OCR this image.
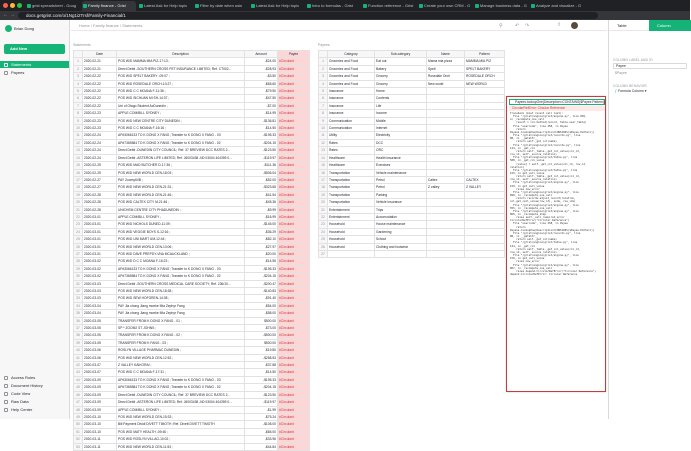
grist spreadsheet - Goog	Family finance - Grist	Latest Ask for Help topic	Filter by date when usin	Latest Ask for Help topic	Intro to formulas - Grist	Function reference - Grist	Create your own CRM - G	Manage business data - G	Analyze and visualize - G
← →	docs.getgrist.com/o/1Ng1i2Trsf/Family-Financial/1
Brian Dong
Add New
Statements
Payees
Access Rules
Document History
Code View
Raw Data
Help Center
Home / Family finance / Statements	⚲ ↶ ↷	⇧
Statements
	Date	Description	Amount	Payee
1	2020-02-21	POS W/D MAMMA MIA PIZ-17:13 ;	-$24.00	#Circular#
2	2020-02-21	Direct Debit -SOUTHERN CROSS PET INSURANCE LIMITED; Ref. CT002...	-$28.93	#Circular#
3	2020-02-22	POS W/D SPELT BAKERY -09:07 ;	-$3.50	#Circular#
4	2020-02-22	POS W/D ROSEDALE ORCH-10:27 ;	-$65.60	#Circular#
5	2020-02-22	POS W/D C C MOANA F-11:36 ;	-$79.50	#Circular#
6	2020-02-22	POS W/D SICHUAN MI SH-14:37 ;	-$47.50	#Circular#
7	2020-02-22	Uni of Otago Student AcDunedin ;	-$7.00	#Circular#
8	2020-02-23	APPLE.COM/BILL SYDNEY ;	-$14.99	#Circular#
9	2020-02-23	POS W/D NEW CENTRE CITY DUNEDIN ;	-$136.81	#Circular#
10	2020-02-23	POS W/D C C MOANA F-16:16 ;	-$14.50	#Circular#
11	2020-02-24	AP#3066133 TO K DONG X FANG ;Transfer to K DONG X FANG - 03	-$195.33	#Circular#
12	2020-02-24	AP#7365584 TO K DONG X FANG ;Transfer to K DONG X FANG - 02	-$204.15	#Circular#
13	2020-02-24	Direct Debit -DUNEDIN CITY COUNCIL; Ref. 37 BREVIEW DCC RATES 2...	-$123.50	#Circular#
14	2020-02-24	Direct Debit -ASTERON LIFE LIMITED; Ref. J6003438 J40 03004 404359 0...	-$119.97	#Circular#
15	2020-02-25	POS W/D MAD BUTCHER D-17:36 ;	-$111.36	#Circular#
16	2020-02-25	POS W/D NEW WORLD CEN-18:03 ;	-$506.04	#Circular#
17	2020-02-27	PAY ZoomyKilB ;	-$52.00	#Circular#
18	2020-02-27	POS W/D NEW WORLD CEN-21:31 ;	-$323.65	#Circular#
19	2020-02-28	POS W/D NEW WORLD CEN-21:46 ;	-$41.54	#Circular#
20	2020-02-28	POS W/D CALTEX CITY M-21:46 ;	-$45.36	#Circular#
21	2020-02-28	UNICHEM CENTRE CITY PHADUNEDIN ;	-$9.99	#Circular#
22	2020-03-01	APPLE.COM/BILL SYDNEY ;	-$16.99	#Circular#
23	2020-03-01	POS W/D NICHOLS DUNED-11:39 ;	-$145.00	#Circular#
24	2020-03-01	POS W/D VEGGIE BOYS S-12:16 ;	-$36.29	#Circular#
25	2020-03-01	POS W/D UNI MART UM-12:44 ;	-$82.10	#Circular#
26	2020-03-01	POS W/D NEW WORLD CEN-13:06 ;	-$27.97	#Circular#
27	2020-03-01	POS W/D DAVE PREPDY-VNA MCAUCKLAND ;	-$20.00	#Circular#
28	2020-03-02	POS W/D D C C MOANA F-16:23 ;	-$14.55	#Circular#
29	2020-03-02	AP#3066133 TO K DONG X FANG ;Transfer to K DONG X FANG - 03	-$195.33	#Circular#
30	2020-03-02	AP#7365584 TO K DONG X FANG ;Transfer to K DONG X FANG - 02	-$204.15	#Circular#
31	2020-03-03	Direct Debit -SOUTHERN CROSS MEDICAL CARE SOCIETY; Ref. 236/10...	-$200.47	#Circular#
32	2020-03-03	POS W/D NEW WORLD CEN-18:38 ;	-$140.83	#Circular#
33	2020-03-03	POS W/D SEW HOFGREN-14:38 ;	-$91.40	#Circular#
34	2020-03-04	PAY Jia chong Jiang moeke Mia Zephyr Fang	-$54.00	#Circular#
35	2020-03-04	PAY Jia chong Jiang moeke Mia Zephyr Fang	-$58.00	#Circular#
36	2020-03-05	TRANSFER FROM K DONG X FANG - 01 ;	$500.00	#Circular#
37	2020-03-05	SP * ZOOM2 ST JOHNS ;	-$73.00	#Circular#
38	2020-03-05	TRANSFER FROM K DONG X FANG - 02 ;	-$500.00	#Circular#
39	2020-03-05	TRANSFER FROM K FANG - 03 ;	$500.00	#Circular#
40	2020-03-06	ROSLYN VILLAGE PHARMAC DUNEDIN ;	-$19.80	#Circular#
41	2020-03-06	POS W/D NEW WORLD CEN-12:52 ;	-$258.53	#Circular#
42	2020-03-07	Z VALLEY KAIKORAI ;	-$37.88	#Circular#
43	2020-03-07	POS W/D C C MOANA F-17:31 ;	-$14.50	#Circular#
44	2020-03-09	AP#3066133 TO K DONG X FANG ;Transfer to K DONG X FANG - 03	-$195.33	#Circular#
45	2020-03-09	AP#7365584 TO K DONG X FANG ;Transfer to K DONG X FANG - 02	-$204.15	#Circular#
46	2020-03-09	Direct Debit -DUNEDIN CITY COUNCIL; Ref. 37 BREVIEW DCC RATES 2...	-$123.50	#Circular#
47	2020-03-09	Direct Debit -ASTERON LIFE LIMITED; Ref. J6003438 J40 03004 404359 0...	-$119.97	#Circular#
48	2020-03-09	APPLE.COM/BILL SYDNEY ;	-$1.99	#Circular#
49	2020-03-10	POS W/D NEW WORLD CEN-15:33 ;	-$75.24	#Circular#
50	2020-03-10	Bill Payment Dividl DIVETT TIMOTH ;Ref. Divett DIVETT TIMOTH	-$108.00	#Circular#
51	2020-03-10	POS W/D MATY HEALTH -09:46 ;	-$65.00	#Circular#
52	2020-03-11	POS W/D ROSLYN VILLAG-10:02 ;	-$33.96	#Circular#
53	2020-03-11	POS W/D NEW WORLD CEN-11:53 ;	-$44.84	#Circular#
Payees
	Category	Sub-category	Name	Pattern
1	Groceries and Food	Eat out	Mama mia pizza	MAMMA MIA PIZ
2	Groceries and Food	Bakery	Spelt	SPELT BAKERY
3	Groceries and Food	Grocery	Rosedale Orch	ROSEDALE ORCH
4	Groceries and Food	Grocery	New world	NEW WORLD
5	Insurance	Home		
6	Insurance	Contents		
7	Insurance	Life		
8	Insurance	Income		
9	Communication	Mobile		
10	Communication	Internet		
11	Utility	Electricity		
12	Rates	DCC		
13	Rates	ORC		
14	Healthcare	Health insurance		
15	Healthcare	Exercises		
16	Transportation	Vehicle maintenance		
17	Transportation	Petrol	Caltex	CALTEX
18	Transportation	Petrol	Z valley	Z VALLEY
19	Transportation	Parking		
20	Transportation	Vehicle insurance		
21	Entertainment	Trips		
22	Entertainment	Accomodation		
23	Household	House maintenance		
24	Household	Gardening		
25	Household	School		
26	Household	Clothing and footwear		
27				
Payees.lookupOne(Description=CONTAINS($Payee.Pattern))
CircularRefError: Circular Reference
Traceback (most recent call last):
File "/grist/engine/grist/engine.py", line 892,
in _recompute_one_cell
result = col.method(record, table.user_table)
File "usercode", line 258, in Payee
return
Payees.lookupOne(Description=CONTAINS($Payee.Pattern))
File "/grist/engine/grist/records.py", line
88, in __getattr__
return self._get_col(name)
File "/grist/engine/grist/records.py", line
144, in _get_col
return self._table._get_col_value(col_id,
row_id, self._source_relation)
File "/grist/engine/grist/table.py", line
588, in _get_col_value
[value] = self._get_col_value(col_id, row_id,
relation)
File "/grist/engine/grist/table.py", line
159, in get_cell_value
return self._table._get_col_value(col_id,
row_id, self._source_relation)
File "/grist/engine/grist/engine.py", line
159, in get_cell_value
raise new_error
File "/grist/engine/grist/engine.py", line
898, in _recompute_one_cell
return records.adjust_record(relation,
col.get_cell_value(row_id), node, row_ids)
File "/grist/engine/grist/engine.py", line
555, in _recompute_one_cell
File "/grist/engine/grist/engine.py", line
866, in _recompute_step
raise self._cell_required_error
CircularRefError("Circular Reference")
File "usercode", line 258, in Payee
return
Payees.lookupOne(Description=CONTAINS($Payee.Pattern))
File "/grist/engine/grist/records.py", line
88, in __getattr__
return self._get_col(name)
File "/grist/engine/grist/table.py", line
144, in _get_col
return self._table._get_col_value(col_id,
row_id, self._source_relation)
File "/grist/engine/grist/engine.py", line
159, in get_cell_value
raise new_error
File "/grist/engine/grist/engine.py", line
807, in _recompute_one_cell
raise depend.CircularRefError("Circular Reference")
depend.CircularRefError: Circular Reference
Table	Column
COLUMN LABEL AND ID
Payee
$Payee
COLUMN BEHAVIOR
ƒ Formula Column ▾
